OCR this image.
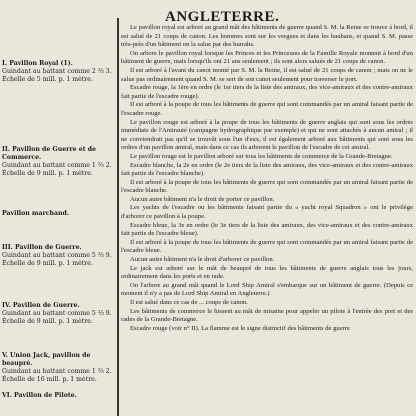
ANGLETERRE.
I. Pavillon Royal (1).
Guindant au battant comme 2 ⅔ 3.
Échelle de 5 mill. p. 1 mètre.
II. Pavillon de Guerre et de Commerce.
Guindant au battant comme 1 ⅔ 2.
Échelle de 9 mill. p. 1 mètre.
Pavillon marchand.
III. Pavillon de Guerre.
Guindant au battant comme 5 ⅔ 9.
Échelle de 9 mill. p. 1 mètre.
IV. Pavillon de Guerre.
Guindant au battant comme 5 ⅔ 9.
Échelle de 9 mill. p. 1 mètre.
V. Union Jack, pavillon de beaupré.
Guindant au battant comme 1 ⅔ 2.
Échelle de 16 mill. p. 1 mètre.
VI. Pavillon de Pilote.

Le pavillon royal est arboré au grand mât des bâtiments de guerre quand S. M. la Reine se trouve à bord, il est salué de 21 coups de canon. Les hommes sont sur les vergues et dans les haubans, et quand S. M. passe très-près d'un bâtiment on la salue par des hurrahs.

On arbore le pavillon royal lorsque les Princes et les Princesses de la Famille Royale montent à bord d'un bâtiment de guerre, mais lorsqu'ils ont 21 ans seulement ; ils sont alors salués de 21 coups de canon.

Il est arboré à l'avant du canot monté par S. M. la Reine, il est salué de 21 coups de canon ; mais on ne le salue pas ordinairement quand S. M. se sert de son canot seulement pour traverser le port.

Escadre rouge, la 1ère en ordre (le 1er tiers de la liste des amiraux, des vice-amiraux et des contre-amiraux fait partie de l'escadre rouge).

Il est arboré à la poupe de tous les bâtiments de guerre qui sont commandés par un amiral faisant partie de l'escadre rouge.

Le pavillon rouge est arboré à la poupe de tous les bâtiments de guerre anglais qui sont sous les ordres immédiats de l'Amirauté (campagne hydrographique par exemple) et qui ne sont attachés à aucun amiral ; il ne conviendrait pas qu'il se trouvât sous l'un d'eux, il est également arboré aux bâtiments qui sont sous les ordres d'un pavillon amiral, mais dans ce cas ils arborent le pavillon de l'escadre de cet amiral.

Le pavillon rouge est le pavillon arboré sur tous les bâtiments de commerce de la Grande-Bretagne.

Escadre blanche, la 2e en ordre (le 2e tiers de la liste des amiraux, des vice-amiraux et des contre-amiraux fait partie de l'escadre blanche).

Il est arboré à la poupe de tous les bâtiments de guerre qui sont commandés par un amiral faisant partie de l'escadre blanche.

Aucun autre bâtiment n'a le droit de porter ce pavillon.

Les yachts de l'escadre ou les bâtiments faisant partie du « yacht royal Squadron » ont le privilège d'arborer ce pavillon à la poupe.

Escadre bleue, la 3e en ordre (le 3e tiers de la liste des amiraux, des vice-amiraux et des contre-amiraux fait partie de l'escadre bleue).

Il est arboré à la poupe de tous les bâtiments de guerre qui sont commandés par un amiral faisant partie de l'escadre bleue.

Aucun autre bâtiment n'a le droit d'arborer ce pavillon.

Le jack est arboré sur le mât de beaupré de tous les bâtiments de guerre anglais tous les jours, ordinairement dans les ports et en rade.

On l'arbore au grand mât quand le Lord Ship Amiral s'embarque sur un bâtiment de guerre. (Depuis ce moment il n'y a pas de Lord Ship Amiral en Angleterre.)

Il est salué dans ce cas de ... coups de canon.

Les bâtiments de commerce le hissent au mât de misaine pour appeler un pilote à l'entrée des port et des rades de la Grande-Bretagne.

Escadre rouge (voir n° II). La flamme est le signe distinctif des bâtiments de guerre
